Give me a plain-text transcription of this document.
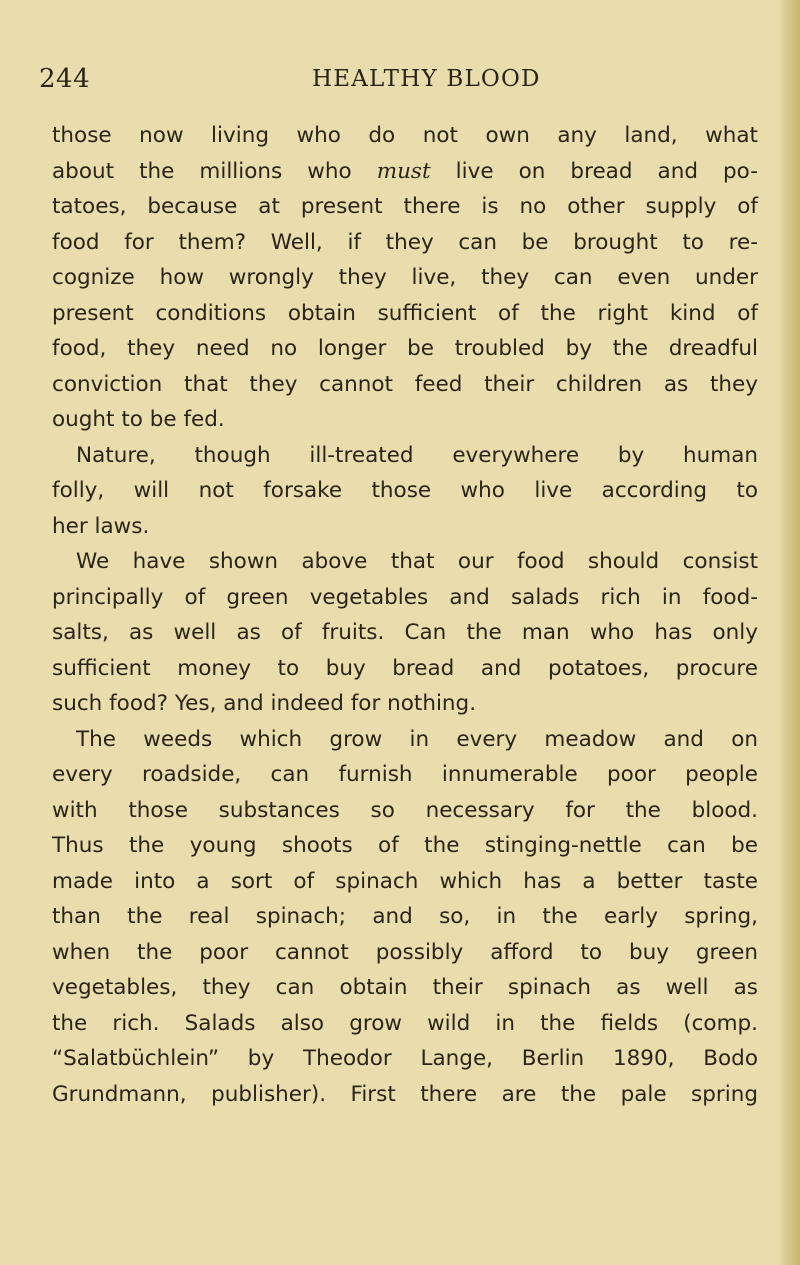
244	HEALTHY BLOOD
those now living who do not own any land, what
about the millions who must live on bread and po-
tatoes, because at present there is no other supply of
food for them? Well, if they can be brought to re-
cognize how wrongly they live, they can even under
present conditions obtain sufficient of the right kind of
food, they need no longer be troubled by the dreadful
conviction that they cannot feed their children as they
ought to be fed.
Nature, though ill-treated everywhere by human
folly, will not forsake those who live according to
her laws.
We have shown above that our food should consist
principally of green vegetables and salads rich in food-
salts, as well as of fruits. Can the man who has only
sufficient money to buy bread and potatoes, procure
such food? Yes, and indeed for nothing.
The weeds which grow in every meadow and on
every roadside, can furnish innumerable poor people
with those substances so necessary for the blood.
Thus the young shoots of the stinging-nettle can be
made into a sort of spinach which has a better taste
than the real spinach; and so, in the early spring,
when the poor cannot possibly afford to buy green
vegetables, they can obtain their spinach as well as
the rich. Salads also grow wild in the fields (comp.
“Salatbüchlein” by Theodor Lange, Berlin 1890, Bodo
Grundmann, publisher). First there are the pale spring
